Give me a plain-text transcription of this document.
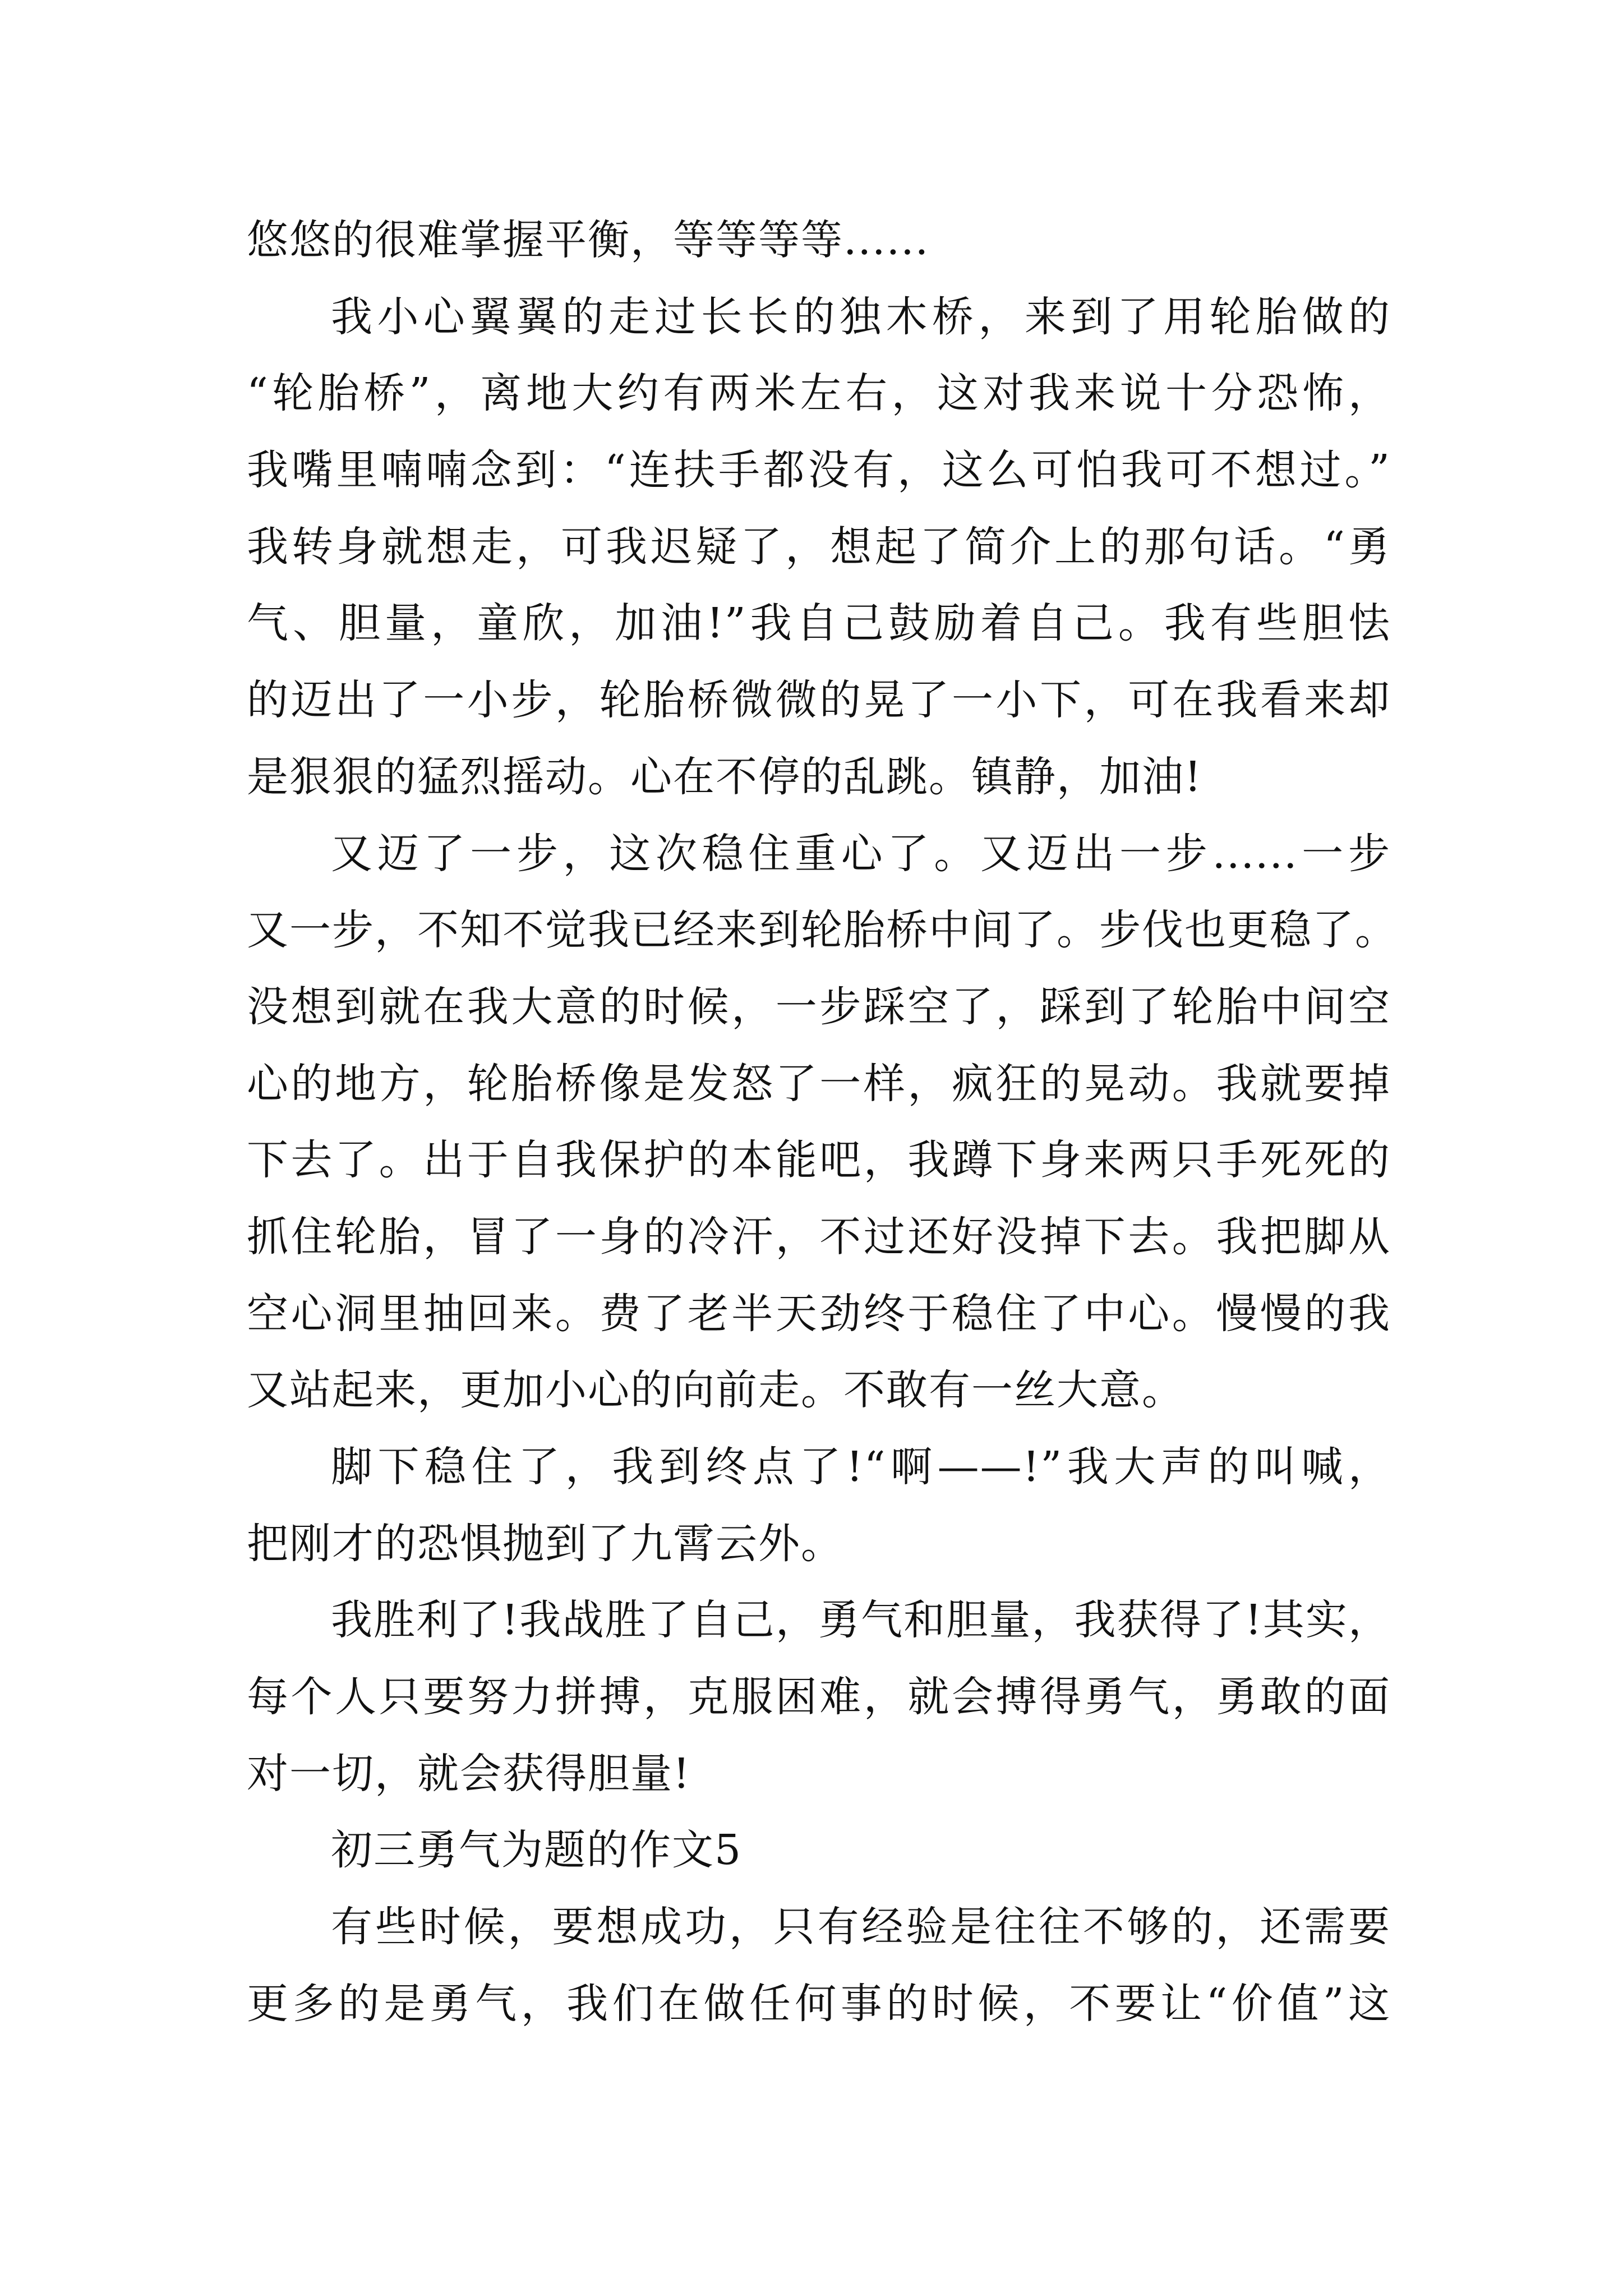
悠悠的很难掌握平衡，等等等等......
我小心翼翼的走过长长的独木桥，来到了用轮胎做的
“轮胎桥”，离地大约有两米左右，这对我来说十分恐怖，
我嘴里喃喃念到：“连扶手都没有，这么可怕我可不想过。”
我转身就想走，可我迟疑了，想起了简介上的那句话。“勇
气、胆量，童欣，加油!”我自己鼓励着自己。我有些胆怯
的迈出了一小步，轮胎桥微微的晃了一小下，可在我看来却
是狠狠的猛烈摇动。心在不停的乱跳。镇静，加油!
又迈了一步，这次稳住重心了。又迈出一步......一步
又一步，不知不觉我已经来到轮胎桥中间了。步伐也更稳了。
没想到就在我大意的时候，一步踩空了，踩到了轮胎中间空
心的地方，轮胎桥像是发怒了一样，疯狂的晃动。我就要掉
下去了。出于自我保护的本能吧，我蹲下身来两只手死死的
抓住轮胎，冒了一身的冷汗，不过还好没掉下去。我把脚从
空心洞里抽回来。费了老半天劲终于稳住了中心。慢慢的我
又站起来，更加小心的向前走。不敢有一丝大意。
脚下稳住了，我到终点了!“啊——!”我大声的叫喊，
把刚才的恐惧抛到了九霄云外。
我胜利了!我战胜了自己，勇气和胆量，我获得了!其实，
每个人只要努力拼搏，克服困难，就会搏得勇气，勇敢的面
对一切，就会获得胆量!
初三勇气为题的作文5
有些时候，要想成功，只有经验是往往不够的，还需要
更多的是勇气，我们在做任何事的时候，不要让“价值”这
